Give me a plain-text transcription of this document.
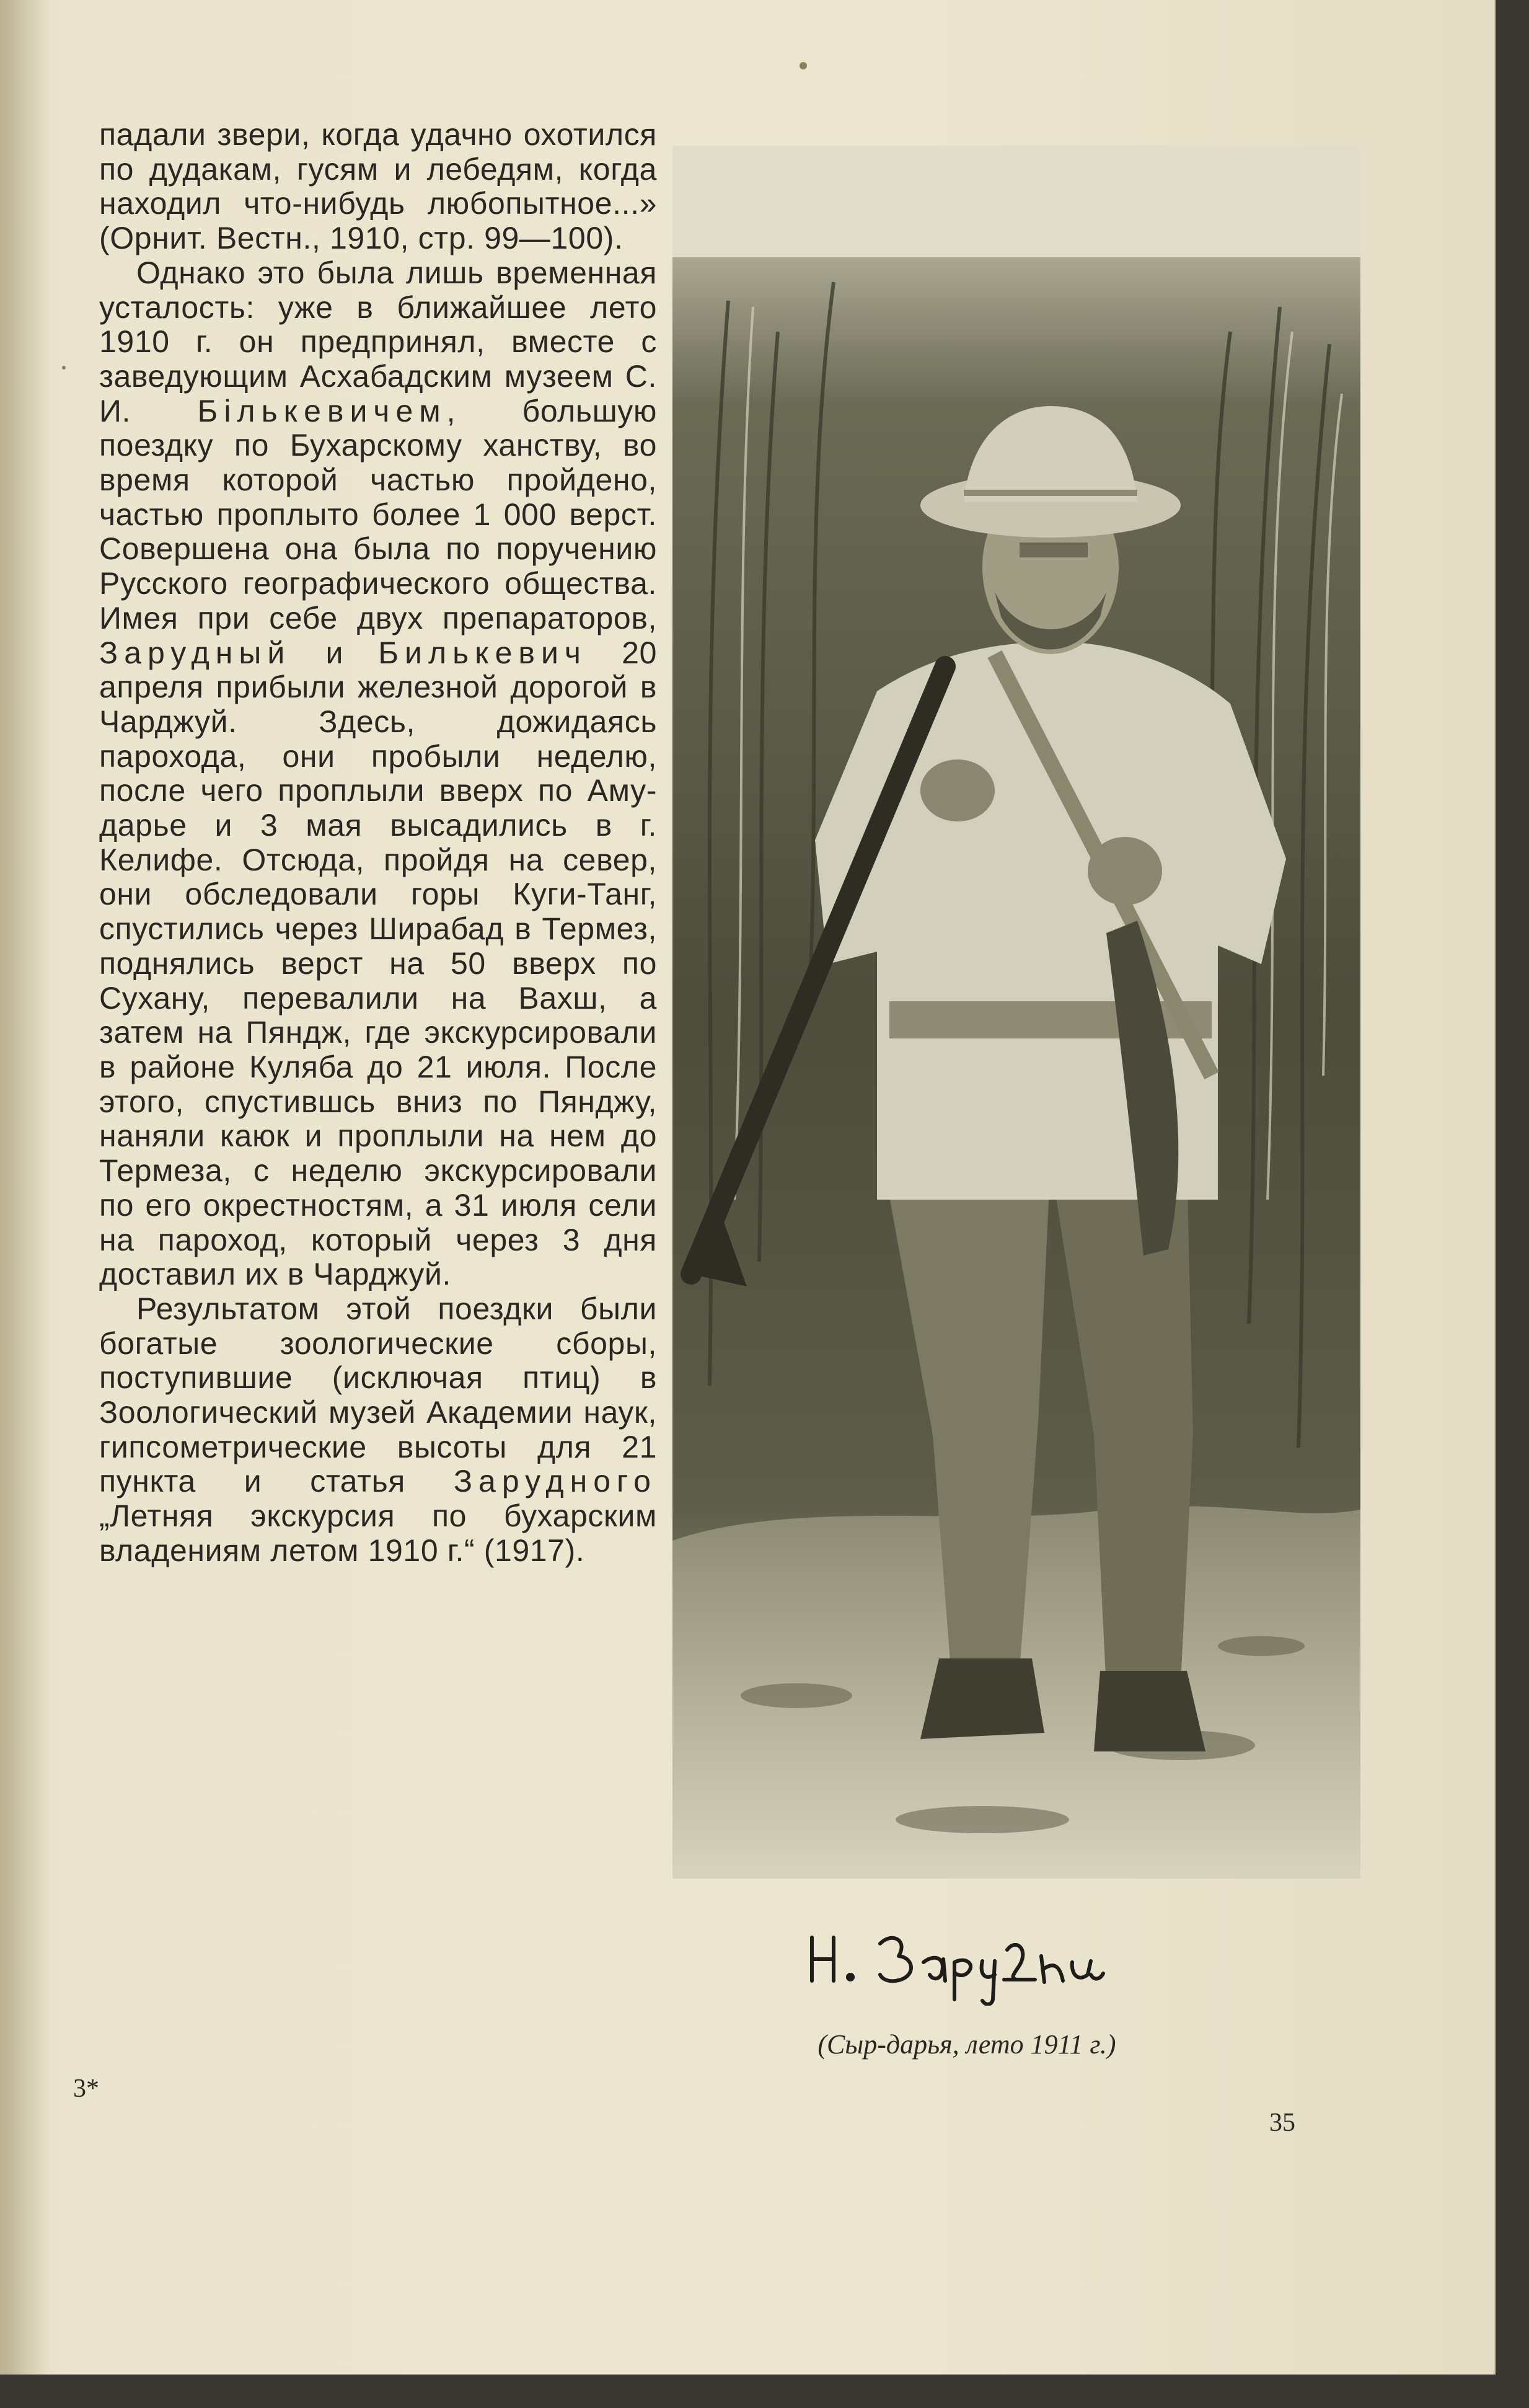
падали звери, когда удачно охотился по дудакам, гусям и лебедям, когда находил что-нибудь любопытное...» (Орнит. Вестн., 1910, стр. 99—100).

Однако это была лишь временная усталость: уже в ближайшее лето 1910 г. он предпринял, вместе с заведующим Асхабадским музеем С. И. Бількевичем, большую поездку по Бухарскому ханству, во время которой частью пройдено, частью проплыто более 1 000 верст. Совершена она была по поручению Русского географического общества. Имея при себе двух препараторов, Зарудный и Билькевич 20 апреля прибыли железной дорогой в Чарджуй. Здесь, дожидаясь парохода, они пробыли неделю, после чего проплыли вверх по Аму-дарье и 3 мая высадились в г. Келифе. Отсюда, пройдя на север, они обследовали горы Куги-Танг, спустились через Ширабад в Термез, поднялись верст на 50 вверх по Сухану, перевалили на Вахш, а затем на Пяндж, где экскурсировали в районе Куляба до 21 июля. После этого, спустившсь вниз по Пянджу, наняли каюк и проплыли на нем до Термеза, с неделю экскурсировали по его окрестностям, а 31 июля сели на пароход, который через 3 дня доставил их в Чарджуй.

Результатом этой поездки были богатые зоологические сборы, поступившие (исключая птиц) в Зоологический музей Академии наук, гипсометрические высоты для 21 пункта и статья Зарудного „Летняя экскурсия по бухарским владениям летом 1910 г.“ (1917).

3*
(Сыр-дарья, лето 1911 г.)
35
